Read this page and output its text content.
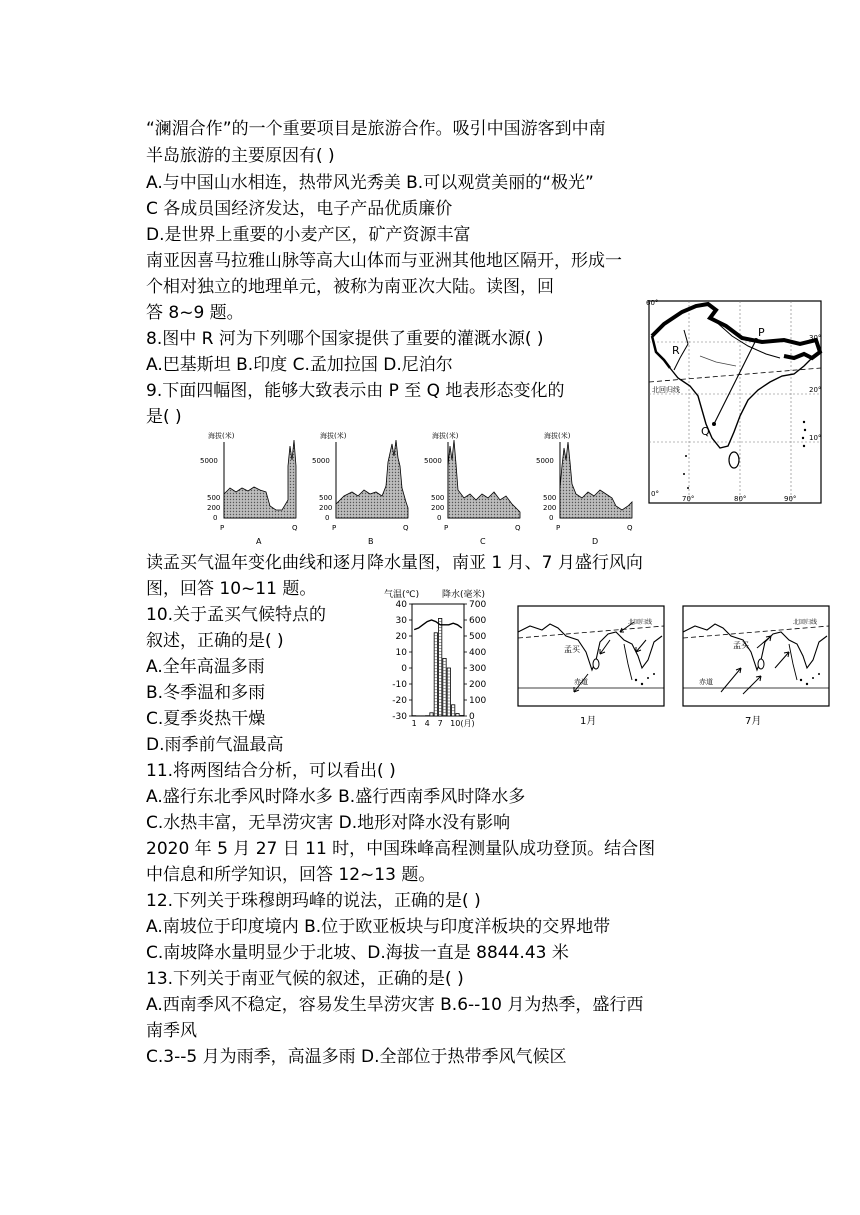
“澜湄合作”的一个重要项目是旅游合作。吸引中国游客到中南
半岛旅游的主要原因有( )
A.与中国山水相连，热带风光秀美 B.可以观赏美丽的“极光”
C 各成员国经济发达，电子产品优质廉价
D.是世界上重要的小麦产区，矿产资源丰富
南亚因喜马拉雅山脉等高大山体而与亚洲其他地区隔开，形成一
个相对独立的地理单元，被称为南亚次大陆。读图，回
答 8~9 题。
8.图中 R 河为下列哪个国家提供了重要的灌溉水源( )
A.巴基斯坦 B.印度 C.孟加拉国 D.尼泊尔
9.下面四幅图，能够大致表示由 P 至 Q 地表形态变化的
是( )
读孟买气温年变化曲线和逐月降水量图，南亚 1 月、7 月盛行风向
图，回答 10~11 题。
10.关于孟买气候特点的
叙述，正确的是( )
A.全年高温多雨
B.冬季温和多雨
C.夏季炎热干燥
D.雨季前气温最高
11.将两图结合分析，可以看出( )
A.盛行东北季风时降水多 B.盛行西南季风时降水多
C.水热丰富，无旱涝灾害 D.地形对降水没有影响
2020 年 5 月 27 日 11 时，中国珠峰高程测量队成功登顶。结合图
中信息和所学知识，回答 12~13 题。
12.下列关于珠穆朗玛峰的说法，正确的是( )
A.南坡位于印度境内 B.位于欧亚板块与印度洋板块的交界地带
C.南坡降水量明显少于北坡、D.海拔一直是 8844.43 米
13.下列关于南亚气候的叙述，正确的是( )
A.西南季风不稳定，容易发生旱涝灾害 B.6--10 月为热季，盛行西
南季风
C.3--5 月为雨季，高温多雨 D.全部位于热带季风气候区
P
Q
R
北回归线
60°
30°
20°
10°
0°
70°	80°	90°
海拔(米)
5000
500
200
0
P	Q
A
海拔(米)
5000
500
200
0
P	Q
B
海拔(米)
5000
500
200
0
P	Q
C
海拔(米)
5000
500
200
0
P	Q
D
气温(℃)	降水(毫米)
40
30
20
10
0
-10
-20
-30
700
600
500
400
300
200
100
0
1 4 7 10(月)
孟买
北回归线
赤道
1月
孟买
北回归线
赤道
7月
